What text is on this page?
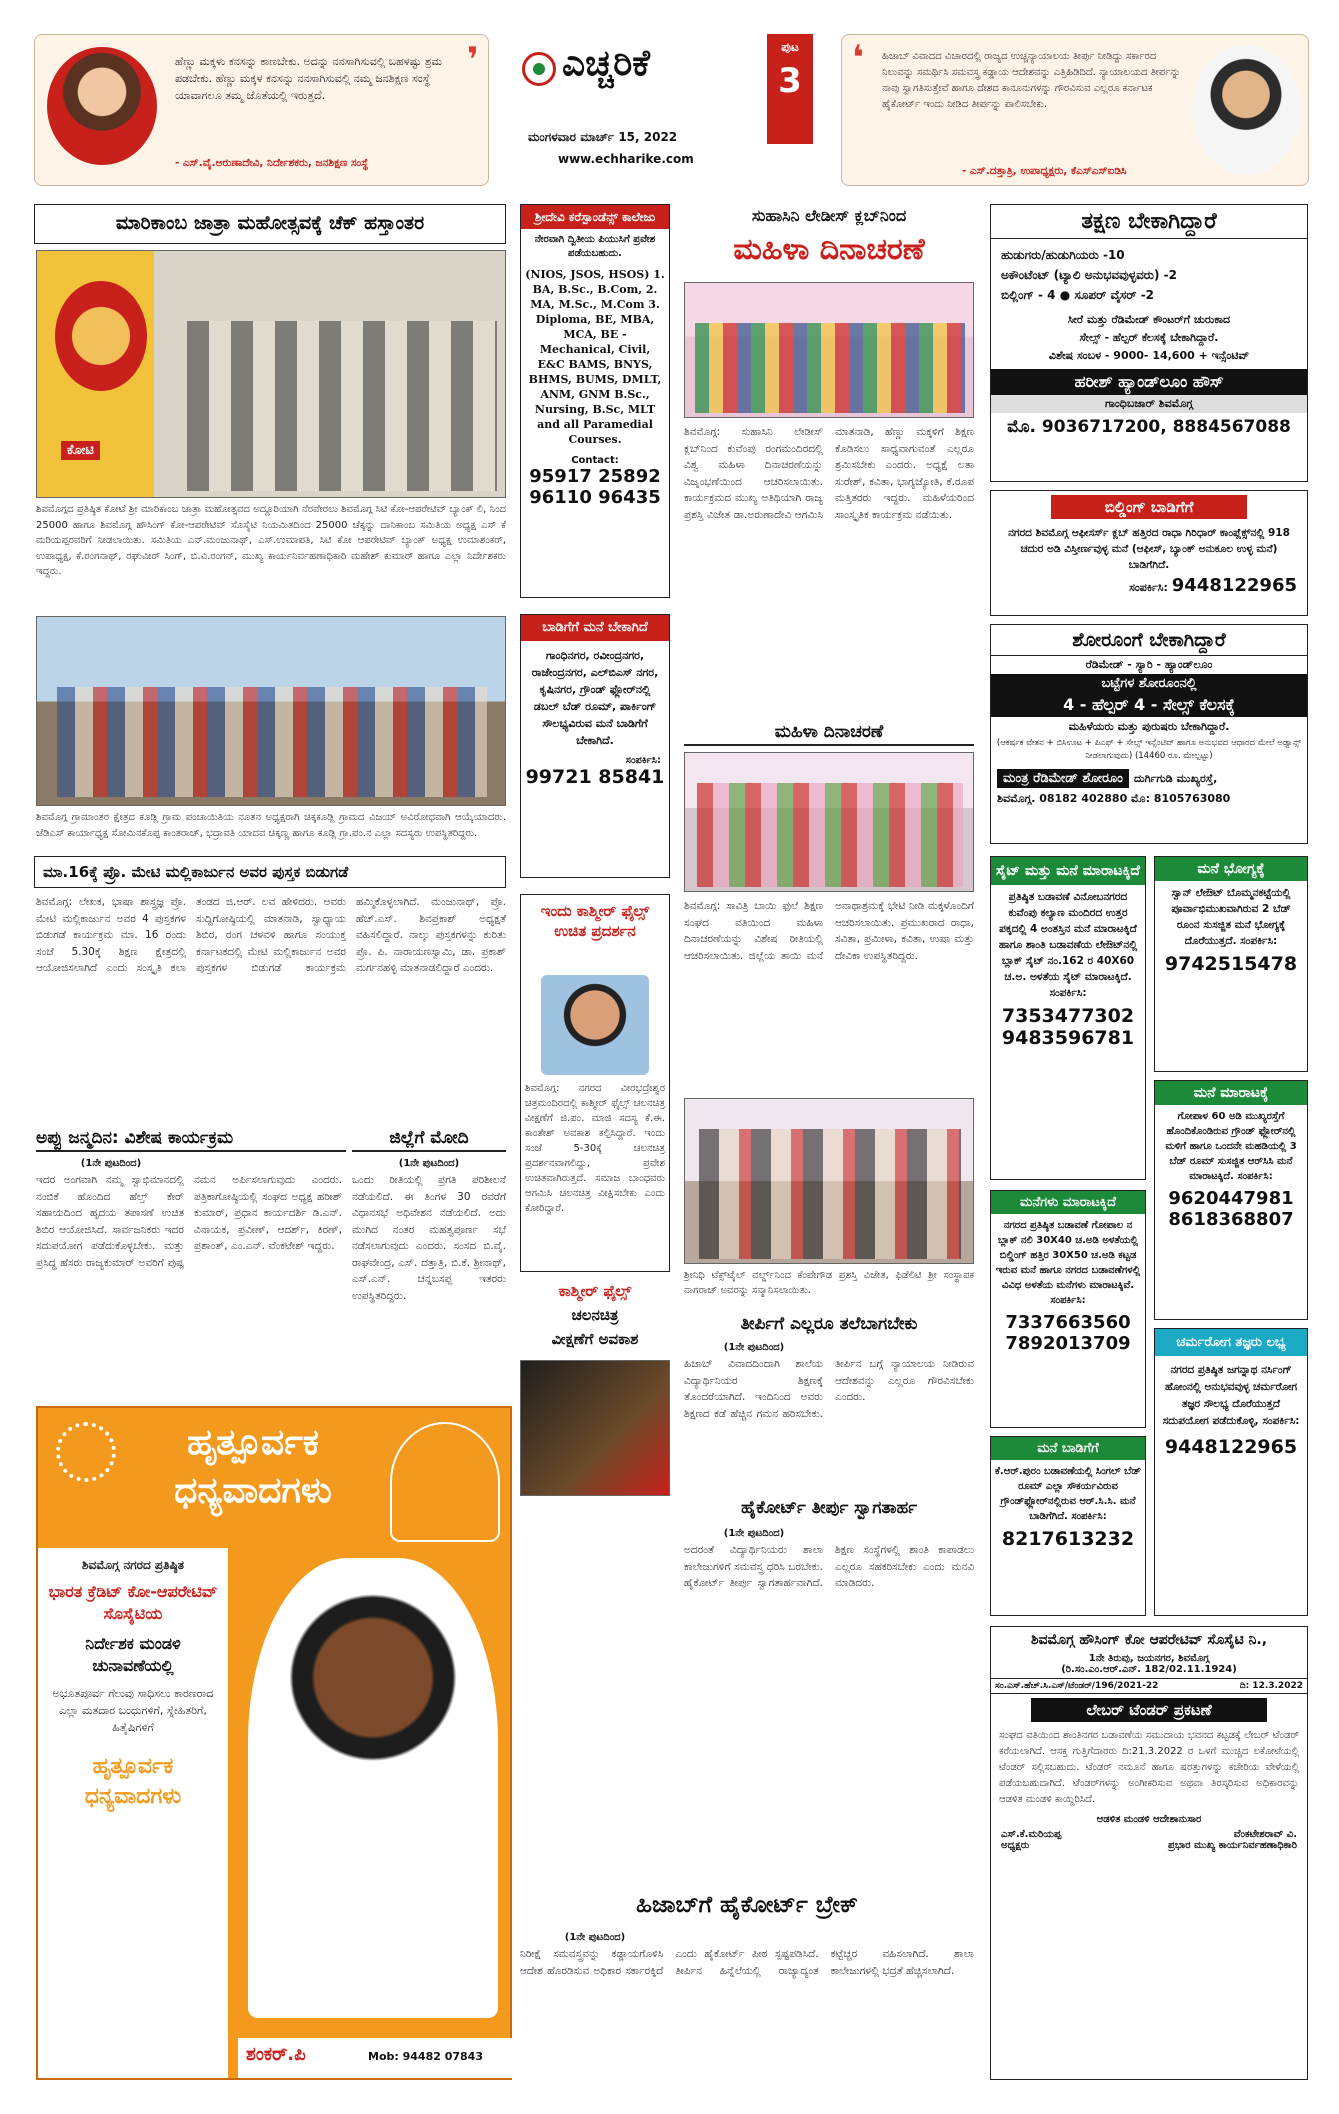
ಹೆಣ್ಣು ಮಕ್ಕಳು ಕನಸನ್ನು ಕಾಣಬೇಕು. ಅದನ್ನು ನನಸಾಗಿಸುವಲ್ಲಿ ಬಹಳಷ್ಟು ಶ್ರಮ ಪಡಬೇಕು. ಹೆಣ್ಣು ಮಕ್ಕಳ ಕನಸನ್ನು ನನಸಾಗಿಸುವಲ್ಲಿ ನಮ್ಮ ಜನಶಿಕ್ಷಣ ಸಂಸ್ಥೆ ಯಾವಾಗಲೂ ತಮ್ಮ ಜೊತೆಯಲ್ಲಿ ಇರುತ್ತದೆ.
- ಎಸ್.ವೈ.ಅರುಣಾದೇವಿ, ನಿರ್ದೇಶಕರು, ಜನಶಿಕ್ಷಣ ಸಂಸ್ಥೆ
❜ ಎಚ್ಚರಿಕೆ	ಪುಟ
3
ಮಂಗಳವಾರ ಮಾರ್ಚ್ 15, 2022
www.echharike.com
❛ ಹಿಜಾಬ್ ವಿವಾದದ ವಿಚಾರದಲ್ಲಿ ರಾಜ್ಯದ ಉಚ್ಚನ್ಯಾಯಾಲಯ ತೀರ್ಪು ನೀಡಿದ್ದು ಸರ್ಕಾರದ ನಿಲುವನ್ನು ಸಮರ್ಥಿಸಿ ಸಮವಸ್ತ್ರ ಕಡ್ಡಾಯ ಆದೇಶವನ್ನು ಎತ್ತಿಹಿಡಿದಿದೆ. ನ್ಯಾಯಾಲಯದ ತೀರ್ಪನ್ನು ನಾವು ಸ್ವಾಗತಿಸುತ್ತೇವೆ ಹಾಗೂ ದೇಶದ ಕಾನೂನುಗಳನ್ನು ಗೌರವಿಸುವ ಎಲ್ಲರೂ ಕರ್ನಾಟಕ ಹೈಕೋರ್ಟ್ ಇಂದು ನೀಡಿದ ತೀರ್ಪನ್ನು ಪಾಲಿಸಬೇಕು.
- ಎಸ್.ದತ್ತಾತ್ರಿ, ಉಪಾಧ್ಯಕ್ಷರು, ಕೆಎಸ್‌ಎಸ್ಐಡಿಸಿ
ಮಾರಿಕಾಂಬ ಜಾತ್ರಾ ಮಹೋತ್ಸವಕ್ಕೆ ಚೆಕ್ ಹಸ್ತಾಂತರ
ಕೋಟಿ
ಶಿವಮೊಗ್ಗದ ಪ್ರತಿಷ್ಠಿತ ಕೋಟೆ ಶ್ರೀ ಮಾರಿಕಾಂಬ ಜಾತ್ರಾ ಮಹೋತ್ಸವದ ಅದ್ದೂರಿಯಾಗಿ ನೆರವೇರಲು ಶಿವಮೊಗ್ಗ ಸಿಟಿ ಕೋ-ಆಪರೇಟಿವ್ ಬ್ಯಾಂಕ್ ಲಿ, ನಿಂದ 25000 ಹಾಗೂ ಶಿವಮೊಗ್ಗ ಹೌಸಿಂಗ್ ಕೋ-ಆಪರೇಟಿವ್ ಸೊಸೈಟಿ ನಿಯಮಿತದಿಂದ 25000 ಚೆಕ್ಕನ್ನು ದಾನಿಕಾಂಬ ಸಮಿತಿಯ ಅಧ್ಯಕ್ಷ ಎಸ್ ಕೆ ಮರಿಯಪ್ಪರವರಿಗೆ ನೀಡಲಾಯಿತು. ಸಮಿತಿಯ ಎನ್.ಮಂಜುನಾಥ್, ಎಸ್.ಉಮಾಪತಿ, ಸಿಟಿ ಕೋ ಆಪರೇಟಿವ್ ಬ್ಯಾಂಕ್ ಅಧ್ಯಕ್ಷ ಉಮಾಶಂಕರ್, ಉಪಾಧ್ಯಕ್ಷ, ಕೆ.ರಂಗನಾಥ್, ರಘುವೀರ್ ಸಿಂಗ್, ಬಿ.ವಿ.ರಂಗನ್, ಮುಖ್ಯ ಕಾರ್ಯನಿರ್ವಹಣಾಧಿಕಾರಿ ಮಹೇಶ್ ಕುಮಾರ್ ಹಾಗೂ ಎಲ್ಲಾ ನಿರ್ದೇಶಕರು ಇದ್ದರು.
ಶಿವಮೊಗ್ಗ ಗ್ರಾಮಾಂತರ ಕ್ಷೇತ್ರದ ಕೂಡ್ಲಿ ಗ್ರಾಮ ಪಂಚಾಯಿತಿಯ ನೂತನ ಅಧ್ಯಕ್ಷರಾಗಿ ಚಿಕ್ಕಕೂಡ್ಲಿ ಗ್ರಾಮದ ವಿಜಯ್ ಅವಿರೋಧವಾಗಿ ಆಯ್ಕೆಯಾದರು. ಜೆಡಿಎಸ್ ಕಾರ್ಯಾಧ್ಯಕ್ಷ ಸೋಮಿನಕೊಪ್ಪ ಕಾಂತರಾಜ್, ಭದ್ರಾವತಿ ಯಾದವ ಚಿಕ್ಕಣ್ಣ ಹಾಗೂ ಕೂಡ್ಲಿ ಗ್ರಾ.ಪಂ.ನ ಎಲ್ಲಾ ಸದಸ್ಯರು ಉಪಸ್ಥಿತರಿದ್ದರು.
ಮಾ.16ಕ್ಕೆ ಪ್ರೊ. ಮೇಟಿ ಮಲ್ಲಿಕಾರ್ಜುನ ಅವರ ಪುಸ್ತಕ ಬಿಡುಗಡೆ
ಶಿವಮೊಗ್ಗ: ಲೇಖಕ, ಭಾಷಾ ಶಾಸ್ತ್ರಜ್ಞ ಪ್ರೊ. ಮೇಟಿ ಮಲ್ಲಿಕಾರ್ಜುನ ಅವರ 4 ಪುಸ್ತಕಗಳ ಬಿಡುಗಡೆ ಕಾರ್ಯಕ್ರಮ ಮಾ. 16 ರಂದು ಸಂಜೆ 5.30ಕ್ಕೆ ಶಿಕ್ಷಣ ಕ್ಷೇತ್ರದಲ್ಲಿ ಆಯೋಜಿಸಲಾಗಿದೆ ಎಂದು ಸಂಸ್ಕೃತಿ ಕಲಾ ತಂಡದ ಜಿ.ಆರ್. ಲವ ಹೇಳಿದರು. ಅವರು ಸುದ್ದಿಗೋಷ್ಠಿಯಲ್ಲಿ ಮಾತನಾಡಿ, ಸ್ವಾಧ್ಯಾಯ ಶಿಬಿರ, ರಂಗ ಚಳವಳಿ ಹಾಗೂ ಸಂಯುಕ್ತ ಕರ್ನಾಟಕದಲ್ಲಿ ಮೇಟಿ ಮಲ್ಲಿಕಾರ್ಜುನ ಅವರ ಪುಸ್ತಕಗಳ ಬಿಡುಗಡೆ ಕಾರ್ಯಕ್ರಮ ಹಮ್ಮಿಕೊಳ್ಳಲಾಗಿದೆ. ಮಂಜುನಾಥ್, ಪ್ರೊ. ಹೆಚ್.ಎಸ್. ಶಿವಪ್ರಕಾಶ್ ಅಧ್ಯಕ್ಷತೆ ವಹಿಸಲಿದ್ದಾರೆ. ನಾಲ್ಕು ಪುಸ್ತಕಗಳನ್ನು ಕುರಿತು ಪ್ರೊ. ಪಿ. ನಾರಾಯಣಸ್ವಾಮಿ, ಡಾ. ಪ್ರಕಾಶ್ ಮರ್ಗನಹಳ್ಳಿ ಮಾತನಾಡಲಿದ್ದಾರೆ ಎಂದರು.
ಅಪ್ಪು ಜನ್ಮದಿನ: ವಿಶೇಷ ಕಾರ್ಯಕ್ರಮ
(1ನೇ ಪುಟದಿಂದ)
ಇದರ ಅಂಗವಾಗಿ ನಮ್ಮ ಸ್ವಾಭಿಮಾನದಲ್ಲಿ ನಂಬಿಕೆ ಹೊಂದಿದ ಹೆಲ್ತ್ ಕೇರ್ ಸಹಾಯದಿಂದ ಹೃದಯ ತಪಾಸಣೆ ಉಚಿತ ಶಿಬಿರ ಆಯೋಜಿಸಿದೆ. ಸಾರ್ವಜನಿಕರು ಇದರ ಸದುಪಯೋಗ ಪಡೆದುಕೊಳ್ಳಬೇಕು. ಮತ್ತು ಪ್ರಸಿದ್ಧ ಹೆಸರು ರಾಜ್ಯಕುಮಾರ್ ಅವರಿಗೆ ಪುಷ್ಪ ನಮನ ಅರ್ಪಿಸಲಾಗುವುದು ಎಂದರು. ಪತ್ರಿಕಾಗೋಷ್ಠಿಯಲ್ಲಿ ಸಂಘದ ಅಧ್ಯಕ್ಷ ಹರೀಶ್ ಕುಮಾರ್, ಪ್ರಧಾನ ಕಾರ್ಯದರ್ಶಿ ಡಿ.ಎನ್. ವಿನಾಯಕ, ಪ್ರವೀಣ್, ಆದರ್ಶ್, ಕಿರಣ್, ಪ್ರಶಾಂತ್, ಎಂ.ಎನ್. ವೆಂಕಟೇಶ್ ಇದ್ದರು.
ಜಿಲ್ಲೆಗೆ ಮೋದಿ
(1ನೇ ಪುಟದಿಂದ)
ಒಂದು ರೀತಿಯಲ್ಲಿ ಪ್ರಗತಿ ಪರಿಶೀಲನೆ ನಡೆಯಲಿದೆ. ಈ ತಿಂಗಳ 30 ರವರೆಗೆ ವಿಧಾನಸಭೆ ಅಧಿವೇಶನ ನಡೆಯಲಿದೆ. ಅದು ಮುಗಿದ ನಂತರ ಮಹತ್ವಪೂರ್ಣ ಸಭೆ ನಡೆಸಲಾಗುವುದು ಎಂದರು. ಸಂಸದ ಬಿ.ವೈ. ರಾಘವೇಂದ್ರ, ಎಸ್. ದತ್ತಾತ್ರಿ, ಬಿ.ಕೆ. ಶ್ರೀನಾಥ್, ಎಸ್.ಎನ್. ಚನ್ನಬಸಪ್ಪ ಇತರರು ಉಪಸ್ಥಿತರಿದ್ದರು.
ಹೃತ್ಪೂರ್ವಕ
ಧನ್ಯವಾದಗಳು
ಶಿವಮೊಗ್ಗ ನಗರದ ಪ್ರತಿಷ್ಠಿತ
ಭಾರತ ಕ್ರೆಡಿಟ್ ಕೋ-ಆಪರೇಟಿವ್ ಸೊಸೈಟಿಯ
ನಿರ್ದೇಶಕ ಮಂಡಳಿ ಚುನಾವಣೆಯಲ್ಲಿ
ಅಭೂತಪೂರ್ವ ಗೆಲುವು ಸಾಧಿಸಲು ಕಾರಣರಾದ ಎಲ್ಲಾ ಮತದಾರ ಬಂಧುಗಳಿಗೆ, ಸ್ನೇಹಿತರಿಗೆ, ಹಿತೈಷಿಗಳಿಗೆ
ಹೃತ್ಪೂರ್ವಕ ಧನ್ಯವಾದಗಳು
ಶಂಕರ್.ಪಿ	Mob: 94482 07843
ಶ್ರೀದೇವಿ ಕರೆಸ್ಪಾಂಡೆನ್ಸ್ ಕಾಲೇಜು
ನೇರವಾಗಿ ದ್ವಿತೀಯ ಪಿಯುಸಿಗೆ ಪ್ರವೇಶ ಪಡೆಯಬಹುದು.
(NIOS, JSOS, HSOS) 1. BA, B.Sc., B.Com, 2. MA, M.Sc., M.Com 3. Diploma, BE, MBA, MCA, BE - Mechanical, Civil, E&C BAMS, BNYS, BHMS, BUMS, DMLT, ANM, GNM B.Sc., Nursing, B.Sc, MLT and all Paramedial Courses.
Contact:
95917 25892
96110 96435
ಬಾಡಿಗೆಗೆ ಮನೆ ಬೇಕಾಗಿದೆ
ಗಾಂಧಿನಗರ, ರವೀಂದ್ರನಗರ, ರಾಜೇಂದ್ರನಗರ, ಎಲ್‌ಬಿಎಸ್ ನಗರ, ಕೃಷಿನಗರ, ಗ್ರೌಂಡ್ ಫ್ಲೋರ್‌ನಲ್ಲಿ ಡಬಲ್ ಬೆಡ್ ರೂಮ್, ಪಾರ್ಕಿಂಗ್ ಸೌಲಭ್ಯವಿರುವ ಮನೆ ಬಾಡಿಗೆಗೆ ಬೇಕಾಗಿದೆ.
ಸಂಪರ್ಕಿಸಿ:
99721 85841
ಇಂದು ಕಾಶ್ಮೀರ್ ಫೈಲ್ಸ್ ಉಚಿತ ಪ್ರದರ್ಶನ
ಶಿವಮೊಗ್ಗ: ನಗರದ ವೀರಭದ್ರೇಶ್ವರ ಚಿತ್ರಮಂದಿರದಲ್ಲಿ ಕಾಶ್ಮೀರ್ ಫೈಲ್ಸ್ ಚಲನಚಿತ್ರ ವೀಕ್ಷಣೆಗೆ ಜಿ.ಪಂ. ಮಾಜಿ ಸದಸ್ಯ ಕೆ.ಈ. ಕಾಂತೇಶ್ ಅವಕಾಶ ಕಲ್ಪಿಸಿದ್ದಾರೆ. ಇಂದು ಸಂಜೆ 5-30ಕ್ಕೆ ಚಲನಚಿತ್ರ ಪ್ರದರ್ಶನವಾಗಲಿದ್ದು, ಪ್ರವೇಶ ಉಚಿತವಾಗಿರುತ್ತದೆ. ಸಮಾಜ ಬಾಂಧವರು ಆಗಮಿಸಿ ಚಲನಚಿತ್ರ ವೀಕ್ಷಿಸಬೇಕು ಎಂದು ಕೋರಿದ್ದಾರೆ.
ಕಾಶ್ಮೀರ್ ಫೈಲ್ಸ್
ಚಲನಚಿತ್ರ
ವೀಕ್ಷಣೆಗೆ ಅವಕಾಶ
ಸುಹಾಸಿನಿ ಲೇಡೀಸ್ ಕ್ಲಬ್‌ನಿಂದ
ಮಹಿಳಾ ದಿನಾಚರಣೆ
ಶಿವಮೊಗ್ಗ: ಸುಹಾಸಿನಿ ಲೇಡೀಸ್ ಕ್ಲಬ್‌ನಿಂದ ಕುವೆಂಪು ರಂಗಮಂದಿರದಲ್ಲಿ ವಿಶ್ವ ಮಹಿಳಾ ದಿನಾಚರಣೆಯನ್ನು ವಿಜೃಂಭಣೆಯಿಂದ ಆಚರಿಸಲಾಯಿತು. ಕಾರ್ಯಕ್ರಮದ ಮುಖ್ಯ ಅತಿಥಿಯಾಗಿ ರಾಜ್ಯ ಪ್ರಶಸ್ತಿ ವಿಜೇತ ಡಾ.ಅರುಣಾದೇವಿ ಆಗಮಿಸಿ ಮಾತನಾಡಿ, ಹೆಣ್ಣು ಮಕ್ಕಳಿಗೆ ಶಿಕ್ಷಣ ಕೊಡಿಸಲು ಸಾಧ್ಯವಾಗುವಂತೆ ಎಲ್ಲರೂ ಶ್ರಮಿಸಬೇಕು ಎಂದರು. ಅಧ್ಯಕ್ಷೆ ಲತಾ ಸುರೇಶ್, ಕವಿತಾ, ಭಾಗ್ಯಜ್ಯೋತಿ, ಕೆ.ರೂಪ ಮತ್ತಿತರರು ಇದ್ದರು. ಮಹಿಳೆಯರಿಂದ ಸಾಂಸ್ಕೃತಿಕ ಕಾರ್ಯಕ್ರಮ ನಡೆಯಿತು.
ಮಹಿಳಾ ದಿನಾಚರಣೆ
ಶಿವಮೊಗ್ಗ: ಸಾವಿತ್ರಿ ಬಾಯಿ ಫುಲೆ ಶಿಕ್ಷಣ ಸಂಘದ ವತಿಯಿಂದ ಮಹಿಳಾ ದಿನಾಚರಣೆಯನ್ನು ವಿಶೇಷ ರೀತಿಯಲ್ಲಿ ಆಚರಿಸಲಾಯಿತು. ಜಿಲ್ಲೆಯ ತಾಯಿ ಮನೆ ಅನಾಥಾಶ್ರಮಕ್ಕೆ ಭೇಟಿ ನೀಡಿ ಮಕ್ಕಳೊಂದಿಗೆ ಆಚರಿಸಲಾಯಿತು. ಪ್ರಮುಖರಾದ ರಾಧಾ, ಸವಿತಾ, ಪ್ರಮೀಳಾ, ಕವಿತಾ, ಉಷಾ ಮತ್ತು ದೇವಿಕಾ ಉಪಸ್ಥಿತರಿದ್ದರು.
ಶ್ರೀನಿಧಿ ಟೆಕ್ಸ್‌ಟೈಲ್ ವರ್ಲ್ಡ್‌ನಿಂದ ಕೆಂಪೇಗೌಡ ಪ್ರಶಸ್ತಿ ವಿಜೇತ, ಫಿಡೆಲಿಟಿ ಶ್ರೀ ಸಂಸ್ಥಾಪಕ ನಾಗರಾಜ್ ಅವರನ್ನು ಸನ್ಮಾನಿಸಲಾಯಿತು.
ತೀರ್ಪಿಗೆ ಎಲ್ಲರೂ ತಲೆಬಾಗಬೇಕು
(1ನೇ ಪುಟದಿಂದ)
ಹಿಜಾಬ್ ವಿವಾದದಿಂದಾಗಿ ಶಾಲೆಯ ವಿದ್ಯಾರ್ಥಿನಿಯರ ಶಿಕ್ಷಣಕ್ಕೆ ತೊಂದರೆಯಾಗಿದೆ. ಇಂದಿನಿಂದ ಅವರು ಶಿಕ್ಷಣದ ಕಡೆ ಹೆಚ್ಚಿನ ಗಮನ ಹರಿಸಬೇಕು. ತೀರ್ಪಿನ ಬಗ್ಗೆ ನ್ಯಾಯಾಲಯ ನೀಡಿರುವ ಆದೇಶವನ್ನು ಎಲ್ಲರೂ ಗೌರವಿಸಬೇಕು ಎಂದರು.
ಹೈಕೋರ್ಟ್ ತೀರ್ಪು ಸ್ವಾಗತಾರ್ಹ
(1ನೇ ಪುಟದಿಂದ)
ಅದರಂತೆ ವಿದ್ಯಾರ್ಥಿನಿಯರು ಶಾಲಾ ಕಾಲೇಜುಗಳಿಗೆ ಸಮವಸ್ತ್ರ ಧರಿಸಿ ಬರಬೇಕು. ಹೈಕೋರ್ಟ್ ತೀರ್ಪು ಸ್ವಾಗತಾರ್ಹವಾಗಿದೆ. ಶಿಕ್ಷಣ ಸಂಸ್ಥೆಗಳಲ್ಲಿ ಶಾಂತಿ ಕಾಪಾಡಲು ಎಲ್ಲರೂ ಸಹಕರಿಸಬೇಕು ಎಂದು ಮನವಿ ಮಾಡಿದರು.
ಹಿಜಾಬ್‌ಗೆ ಹೈಕೋರ್ಟ್ ಬ್ರೇಕ್
(1ನೇ ಪುಟದಿಂದ)
ನಿರೀಕ್ಷೆ ಸಮವಸ್ತ್ರವನ್ನು ಕಡ್ಡಾಯಗೊಳಿಸಿ ಆದೇಶ ಹೊರಡಿಸುವ ಅಧಿಕಾರ ಸರ್ಕಾರಕ್ಕಿದೆ ಎಂದು ಹೈಕೋರ್ಟ್ ಪೀಠ ಸ್ಪಷ್ಟಪಡಿಸಿದೆ. ತೀರ್ಪಿನ ಹಿನ್ನೆಲೆಯಲ್ಲಿ ರಾಜ್ಯಾದ್ಯಂತ ಕಟ್ಟೆಚ್ಚರ ವಹಿಸಲಾಗಿದೆ. ಶಾಲಾ ಕಾಲೇಜುಗಳಲ್ಲಿ ಭದ್ರತೆ ಹೆಚ್ಚಿಸಲಾಗಿದೆ.
ತಕ್ಷಣ ಬೇಕಾಗಿದ್ದಾರೆ
ಹುಡುಗರು/ಹುಡುಗಿಯರು -10
ಅಕೌಂಟೆಂಟ್ (ಟ್ಯಾಲಿ ಅನುಭವವುಳ್ಳವರು) -2
ಬಿಲ್ಲಿಂಗ್ - 4 ● ಸೂಪರ್ ವೈಸರ್ -2
ಸೀರೆ ಮತ್ತು ರೆಡಿಮೇಡ್ ಕೌಂಟರ್‌ಗೆ ಚುರುಕಾದ
ಸೇಲ್ಸ್ - ಹೆಲ್ಪರ್ ಕೆಲಸಕ್ಕೆ ಬೇಕಾಗಿದ್ದಾರೆ.
ವಿಶೇಷ ಸಂಬಳ - 9000- 14,600 + ಇನ್ಸೆಂಟಿವ್
ಹರೀಶ್ ಹ್ಯಾಂಡ್‌ಲೂಂ ಹೌಸ್
ಗಾಂಧಿಬಜಾರ್ ಶಿವಮೊಗ್ಗ
ಮೊ. 9036717200, 8884567088
ಬಿಲ್ಡಿಂಗ್ ಬಾಡಿಗೆಗೆ
ನಗರದ ಶಿವಮೊಗ್ಗ ಆಫೀಸರ್ಸ್ ಕ್ಲಬ್ ಹತ್ತಿರದ ರಾಧಾ ಗಿರಿಧಾರ್ ಕಾಂಪ್ಲೆಕ್ಸ್‌ನಲ್ಲಿ 918 ಚದುರ ಅಡಿ ವಿಸ್ತೀರ್ಣವುಳ್ಳ ಮನೆ (ಆಫೀಸ್, ಬ್ಯಾಂಕ್ ಅನುಕೂಲ ಉಳ್ಳ ಮನೆ) ಬಾಡಿಗೆಗಿದೆ.
ಸಂಪರ್ಕಿಸಿ: 9448122965
ಶೋರೂಂಗೆ ಬೇಕಾಗಿದ್ದಾರೆ
ರೆಡಿಮೇಡ್ - ಸ್ಯಾರಿ - ಹ್ಯಾಂಡ್‌ಲೂಂ
ಬಟ್ಟೆಗಳ ಶೋರೂಂನಲ್ಲಿ
4 - ಹೆಲ್ಪರ್ 4 - ಸೇಲ್ಸ್ ಕೆಲಸಕ್ಕೆ
ಮಹಿಳೆಯರು ಮತ್ತು ಪುರುಷರು ಬೇಕಾಗಿದ್ದಾರೆ.
(ಆಕರ್ಷಕ ವೇತನ + ಬಿಸಿಊಟ + ಪಿಎಫ್ + ಸೇಲ್ಸ್ ಇನ್ಸೆಂಟಿವ್ ಹಾಗೂ ಅನುಭವದ ಆಧಾರದ ಮೇಲೆ ಅಡ್ವಾನ್ಸ್ ನೀಡಲಾಗುವುದು) (14460 ರೂ. ಮೇಲ್ಪಟ್ಟು)
ಮಂತ್ರ ರೆಡಿಮೇಡ್ ಶೋರೂಂ ದುರ್ಗಿಗುಡಿ ಮುಖ್ಯರಸ್ತೆ,
ಶಿವಮೊಗ್ಗ. 08182 402880 ಮೊ: 8105763080
ಸೈಟ್ ಮತ್ತು ಮನೆ ಮಾರಾಟಕ್ಕಿದೆ
ಪ್ರತಿಷ್ಠಿತ ಬಡಾವಣೆ ವಿನೋಬನಗರದ ಕುವೆಂಪು ಕಲ್ಯಾಣ ಮಂದಿರದ ಉತ್ತರ ಪಕ್ಕದಲ್ಲಿ 4 ಅಂತಸ್ತಿನ ಮನೆ ಮಾರಾಟಕ್ಕಿದೆ ಹಾಗೂ ಶಾಂತಿ ಬಡಾವಣೆಯ ಲೇಔಟ್‌ನಲ್ಲಿ ಬ್ಲಾಕ್ ಸೈಟ್ ನಂ.162 ರ 40X60 ಚ.ಅ. ಅಳತೆಯ ಸೈಟ್ ಮಾರಾಟಕ್ಕಿದೆ. ಸಂಪರ್ಕಿಸಿ:
7353477302
9483596781
ಮನೆಗಳು ಮಾರಾಟಕ್ಕಿದೆ
ನಗರದ ಪ್ರತಿಷ್ಠಿತ ಬಡಾವಣೆ ಗೋಪಾಲ ನ ಬ್ಲಾಕ್ ನಲಿ 30X40 ಚ.ಅಡಿ ಅಳತೆಯಲ್ಲಿ ಬಿಲ್ಡಿಂಗ್ ಹತ್ತಿರ 30X50 ಚ.ಅಡಿ ಕಟ್ಟಡ ಇರುವ ಮನೆ ಹಾಗೂ ನಗರದ ಬಡಾವಣೆಗಳಲ್ಲಿ ವಿವಿಧ ಅಳತೆಯ ಮನೆಗಳು ಮಾರಾಟಕ್ಕಿವೆ. ಸಂಪರ್ಕಿಸಿ:
7337663560
7892013709
ಮನೆ ಬಾಡಿಗೆಗೆ
ಕೆ.ಆರ್.ಪುರಂ ಬಡಾವಣೆಯಲ್ಲಿ ಸಿಂಗಲ್ ಬೆಡ್ ರೂಮ್ ಎಲ್ಲಾ ಸೌಕರ್ಯವಿರುವ ಗ್ರೌಂಡ್‌ಫ್ಲೋರ್‌ನಲ್ಲಿರುವ ಆರ್.ಸಿ.ಸಿ. ಮನೆ ಬಾಡಿಗೆಗಿದೆ. ಸಂಪರ್ಕಿಸಿ:
8217613232
ಮನೆ ಭೋಗ್ಯಕ್ಕೆ
ಸ್ವಾನ್ ಲೇಔಟ್ ಬೊಮ್ಮನಕಟ್ಟೆಯಲ್ಲಿ ಪೂರ್ವಾಭಿಮುಖವಾಗಿರುವ 2 ಬೆಡ್ ರೂಂನ ಸುಸಜ್ಜಿತ ಮನೆ ಭೋಗ್ಯಕ್ಕೆ ದೊರೆಯುತ್ತದೆ. ಸಂಪರ್ಕಿಸಿ:
9742515478
ಮನೆ ಮಾರಾಟಕ್ಕೆ
ಗೋಪಾಳ 60 ಅಡಿ ಮುಖ್ಯರಸ್ತೆಗೆ ಹೊಂದಿಕೊಂಡಿರುವ ಗ್ರೌಂಡ್ ಫ್ಲೋರ್‌ನಲ್ಲಿ ಮಳಿಗೆ ಹಾಗೂ ಒಂದನೇ ಮಹಡಿಯಲ್ಲಿ 3 ಬೆಡ್ ರೂಮ್ ಸುಸಜ್ಜಿತ ಆರ್‌ಸಿಸಿ ಮನೆ ಮಾರಾಟಕ್ಕಿದೆ. ಸಂಪರ್ಕಿಸಿ:
9620447981
8618368807
ಚರ್ಮರೋಗ ತಜ್ಞರು ಲಭ್ಯ
ನಗರದ ಪ್ರತಿಷ್ಠಿತ ಜಗನ್ನಾಥ ನರ್ಸಿಂಗ್ ಹೋಂನಲ್ಲಿ ಅನುಭವವುಳ್ಳ ಚರ್ಮರೋಗ ತಜ್ಞರ ಸೌಲಭ್ಯ ದೊರೆಯುತ್ತದೆ ಸದುಪಯೋಗ ಪಡೆದುಕೊಳ್ಳಿ, ಸಂಪರ್ಕಿಸಿ:
9448122965
ಶಿವಮೊಗ್ಗ ಹೌಸಿಂಗ್ ಕೋ ಆಪರೇಟಿವ್ ಸೊಸೈಟಿ ನಿ.,
1ನೇ ತಿರುವು, ಜಯನಗರ, ಶಿವಮೊಗ್ಗ
(ರಿ.ಸಂ.ಎಂ.ಆರ್.ಎನ್. 182/02.11.1924)
ಸಂ.ಎಸ್.ಹೆಚ್.ಸಿ.ಎಸ್/ಟೆಂಡರ್/196/2021-22	ದಿ: 12.3.2022
ಲೇಬರ್ ಟೆಂಡರ್ ಪ್ರಕಟಣೆ
ಸಂಘದ ವತಿಯಿಂದ ಶಾಂತಿನಗರ ಬಡಾವಣೆಯ ಸಮುದಾಯ ಭವನದ ಕಟ್ಟಡಕ್ಕೆ ಲೇಬರ್ ಟೆಂಡರ್ ಕರೆಯಲಾಗಿದೆ. ಆಸಕ್ತ ಗುತ್ತಿಗೆದಾರರು ದಿ:21.3.2022 ರ ಒಳಗೆ ಮುಚ್ಚಿದ ಲಕೋಟೆಯಲ್ಲಿ ಟೆಂಡರ್ ಸಲ್ಲಿಸಬಹುದು. ಟೆಂಡರ್ ನಮೂನೆ ಹಾಗೂ ಷರತ್ತುಗಳನ್ನು ಕಚೇರಿಯ ವೇಳೆಯಲ್ಲಿ ಪಡೆಯಬಹುದಾಗಿದೆ. ಟೆಂಡರ್‌ಗಳನ್ನು ಅಂಗೀಕರಿಸುವ ಅಥವಾ ತಿರಸ್ಕರಿಸುವ ಅಧಿಕಾರವನ್ನು ಆಡಳಿತ ಮಂಡಳಿ ಕಾಯ್ದಿರಿಸಿದೆ.
ಆಡಳಿತ ಮಂಡಳಿ ಆದೇಶಾನುಸಾರ
ಎಸ್.ಕೆ.ಮರಿಯಪ್ಪ
ಅಧ್ಯಕ್ಷರು
ವೆಂಕಟೇಶರಾವ್ ವಿ.
ಪ್ರಭಾರ ಮುಖ್ಯ ಕಾರ್ಯನಿರ್ವಹಣಾಧಿಕಾರಿ
